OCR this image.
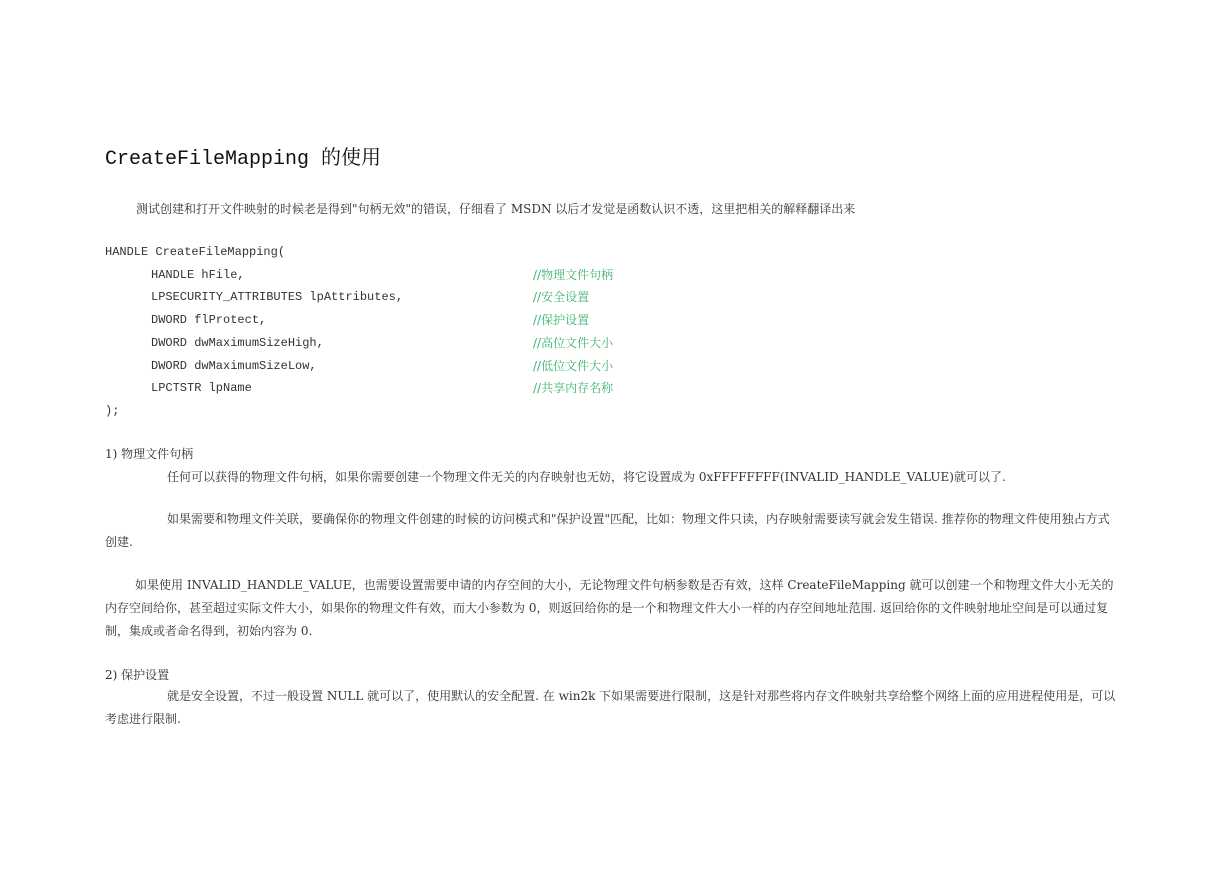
CreateFileMapping 的使用
测试创建和打开文件映射的时候老是得到"句柄无效"的错误，仔细看了 MSDN 以后才发觉是函数认识不透，这里把相关的解释翻译出来
HANDLE CreateFileMapping(
HANDLE hFile,	//物理文件句柄
LPSECURITY_ATTRIBUTES lpAttributes,	//安全设置
DWORD flProtect,	//保护设置
DWORD dwMaximumSizeHigh,	//高位文件大小
DWORD dwMaximumSizeLow,	//低位文件大小
LPCTSTR lpName	//共享内存名称
);
1) 物理文件句柄
任何可以获得的物理文件句柄，如果你需要创建一个物理文件无关的内存映射也无妨，将它设置成为 0xFFFFFFFF(INVALID_HANDLE_VALUE)就可以了.

如果需要和物理文件关联，要确保你的物理文件创建的时候的访问模式和"保护设置"匹配，比如：物理文件只读，内存映射需要读写就会发生错误. 推荐你的物理文件使用独占方式创建.

如果使用 INVALID_HANDLE_VALUE，也需要设置需要申请的内存空间的大小，无论物理文件句柄参数是否有效，这样 CreateFileMapping 就可以创建一个和物理文件大小无关的内存空间给你，甚至超过实际文件大小，如果你的物理文件有效，而大小参数为 0，则返回给你的是一个和物理文件大小一样的内存空间地址范围. 返回给你的文件映射地址空间是可以通过复制，集成或者命名得到，初始内容为 0.

2) 保护设置

就是安全设置，不过一般设置 NULL 就可以了，使用默认的安全配置. 在 win2k 下如果需要进行限制，这是针对那些将内存文件映射共享给整个网络上面的应用进程使用是，可以考虑进行限制.
